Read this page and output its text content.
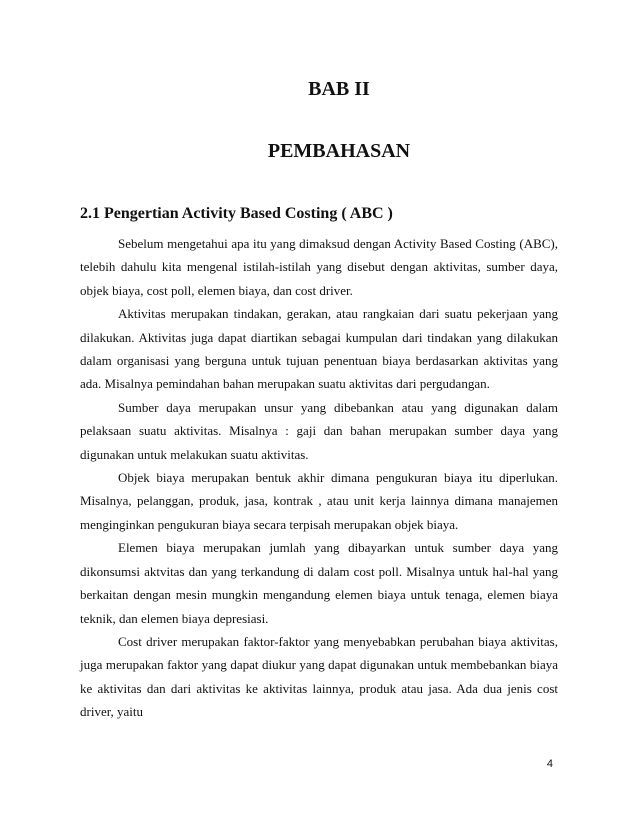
BAB II
PEMBAHASAN
2.1 Pengertian Activity Based Costing ( ABC )

Sebelum mengetahui apa itu yang dimaksud dengan Activity Based Costing (ABC), telebih dahulu kita mengenal istilah-istilah yang disebut dengan aktivitas, sumber daya, objek biaya, cost poll, elemen biaya, dan cost driver.

Aktivitas merupakan tindakan, gerakan, atau rangkaian dari suatu pekerjaan yang dilakukan. Aktivitas juga dapat diartikan sebagai kumpulan dari tindakan yang dilakukan dalam organisasi yang berguna untuk tujuan penentuan biaya berdasarkan aktivitas yang ada. Misalnya pemindahan bahan merupakan suatu aktivitas dari pergudangan.

Sumber daya merupakan unsur yang dibebankan atau yang digunakan dalam pelaksaan suatu aktivitas. Misalnya : gaji dan bahan merupakan sumber daya yang digunakan untuk melakukan suatu aktivitas.

Objek biaya merupakan bentuk akhir dimana pengukuran biaya itu diperlukan. Misalnya, pelanggan, produk, jasa, kontrak , atau unit kerja lainnya dimana manajemen menginginkan pengukuran biaya secara terpisah merupakan objek biaya.

Elemen biaya merupakan jumlah yang dibayarkan untuk sumber daya yang dikonsumsi aktvitas dan yang terkandung di dalam cost poll. Misalnya untuk hal-hal yang berkaitan dengan mesin mungkin mengandung elemen biaya untuk tenaga, elemen biaya teknik, dan elemen biaya depresiasi.

Cost driver merupakan faktor-faktor yang menyebabkan perubahan biaya aktivitas, juga merupakan faktor yang dapat diukur yang dapat digunakan untuk membebankan biaya ke aktivitas dan dari aktivitas ke aktivitas lainnya, produk atau jasa. Ada dua jenis cost driver, yaitu

4
